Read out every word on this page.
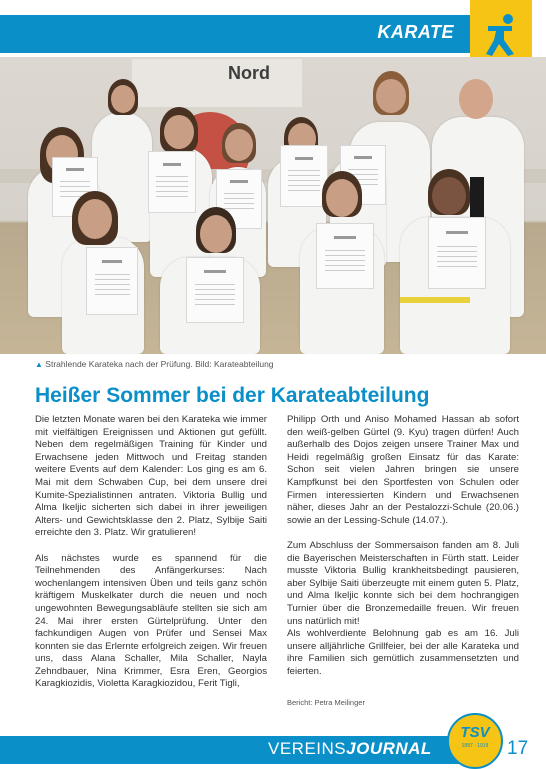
KARATE
Nord
▲ Strahlende Karateka nach der Prüfung. Bild: Karateabteilung
Heißer Sommer bei der Karateabteilung

Die letzten Monate waren bei den Karateka wie immer mit vielfältigen Ereignissen und Aktionen gut gefüllt. Neben dem regelmäßigen Training für Kinder und Erwachsene jeden Mittwoch und Freitag standen weitere Events auf dem Kalender: Los ging es am 6. Mai mit dem Schwaben Cup, bei dem unsere drei Kumite-Spezialistinnen antraten. Viktoria Bullig und Alma Ikeljic sicherten sich dabei in ihrer jeweiligen Alters- und Gewichtsklasse den 2. Platz, Sylbije Saiti erreichte den 3. Platz. Wir gratulieren!

Als nächstes wurde es spannend für die Teilnehmenden des Anfängerkurses: Nach wochenlangem intensiven Üben und teils ganz schön kräftigem Muskelkater durch die neuen und noch ungewohnten Bewegungsabläufe stellten sie sich am 24. Mai ihrer ersten Gürtelprüfung. Unter den fachkundigen Augen von Prüfer und Sensei Max konnten sie das Erlernte erfolgreich zeigen. Wir freuen uns, dass Alana Schaller, Mila Schaller, Nayla Zehndbauer, Nina Krimmer, Esra Eren, Georgios Karagkiozidis, Violetta Karagkiozidou, Ferit Tigli,

Philipp Orth und Aniso Mohamed Hassan ab sofort den weiß-gelben Gürtel (9. Kyu) tragen dürfen! Auch außerhalb des Dojos zeigen unsere Trainer Max und Heidi regelmäßig großen Einsatz für das Karate: Schon seit vielen Jahren bringen sie unsere Kampfkunst bei den Sportfesten von Schulen oder Firmen interessierten Kindern und Erwachsenen näher, dieses Jahr an der Pestalozzi-Schule (20.06.) sowie an der Lessing-Schule (14.07.).

Zum Abschluss der Sommersaison fanden am 8. Juli die Bayerischen Meisterschaften in Fürth statt. Leider musste Viktoria Bullig krankheitsbedingt pausieren, aber Sylbije Saiti überzeugte mit einem guten 5. Platz, und Alma Ikeljic konnte sich bei dem hochrangigen Turnier über die Bronzemedaille freuen. Wir freuen uns natürlich mit!
Als wohlverdiente Belohnung gab es am 16. Juli unsere alljährliche Grillfeier, bei der alle Karateka und ihre Familien sich gemütlich zusammensetzten und feierten.

Bericht: Petra Meilinger
VEREINSJOURNAL	17
TSV
1887 · 1919
